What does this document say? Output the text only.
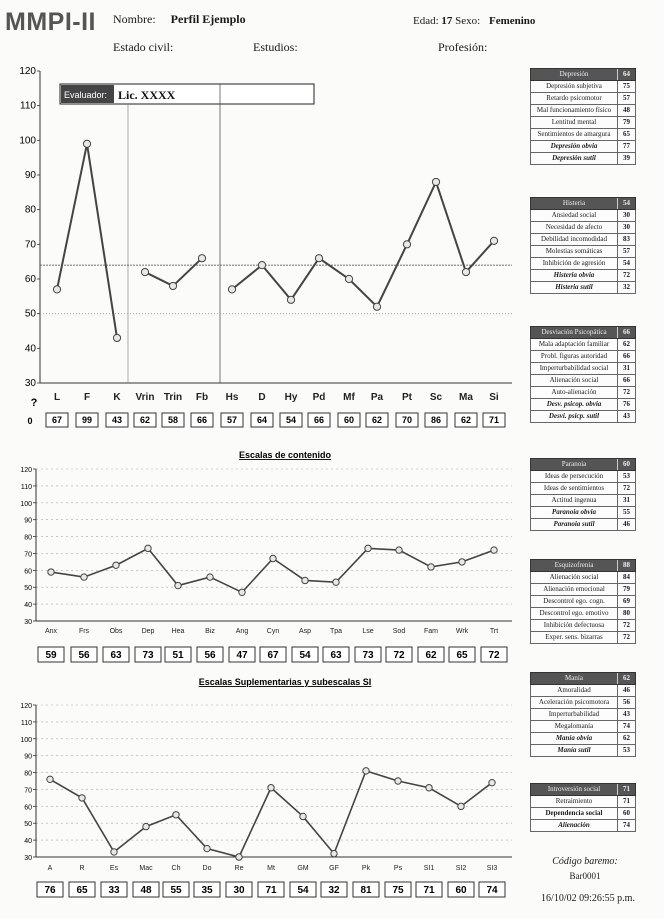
MMPI-II Nombre: Perfil Ejemplo	Edad: 17 Sexo: Femenino
Estado civil:	Estudios:	Profesión:
Evaluador: Lic. XXXX
30
40
50
60
70
80
90
100
110
120
L F K Vrin Trin Fb Hs D Hy Pd Mf Pa Pt Sc Ma Si
?
0 67 99 43 62 58 66 57 64 54 66 60 62 70 86 62 71
Escalas de contenido
30
40
50
60
70
80
90
100
110
120
Anx	Frs	Obs	Dep Hea	Biz	Ang	Cyn	Asp	Tpa	Lse	Sod	Fam	Wrk	Trt
59 56 63 73 51 56 47 67 54 63 73 72 62 65 72
Escalas Suplementarias y subescalas SI
30
40
50
60
70
80
90
100
110
120
A	R	Es	Mac	Ch	Do	Re	Mt	GM	GF	Pk	Ps	SI1	SI2	SI3
76 65 33 48 55 35 30 71 54 32 81 75 71 60 74
Depresión	64
Depresión subjetiva	75
Retardo psicomotor	57
Mal funcionamiento físico	48
Lentitud mental	79
Sentimientos de amargura	65
Depresión obvia	77
Depresión sutil	39
Histeria	54
Ansiedad social	30
Necesidad de afecto	30
Debilidad incomodidad	83
Molestias somáticas	57
Inhibición de agresión	54
Histeria obvia	72
Histeria sutil	32
Desviación Psicopática	66
Mala adaptación familiar	62
Probl. figuras autoridad	66
Imperturbabilidad social	31
Alienación social	66
Auto-alienación	72
Desv. psicop. obvia	76
Desvi. psicp. sutil	43
Paranoia	60
Ideas de persecución	53
Ideas de sentimientos	72
Actitud ingenua	31
Paranoia obvia	55
Paranoia sutil	46
Esquizofrenia	88
Alienación social	84
Alienación emocional	79
Descontrol ego. cogn.	69
Descontrol ego. emotivo	80
Inhibición defectuosa	72
Exper. sens. bizarras	72
Manía	62
Amoralidad	46
Aceleración psicomotora	56
Imperturbabilidad	43
Megalomanía	74
Manía obvia	62
Manía sutil	53
Introversión social	71
Retraimiento	71
Dependencia social	60
Alienación	74
Código baremo:
Bar0001
16/10/02 09:26:55 p.m.
